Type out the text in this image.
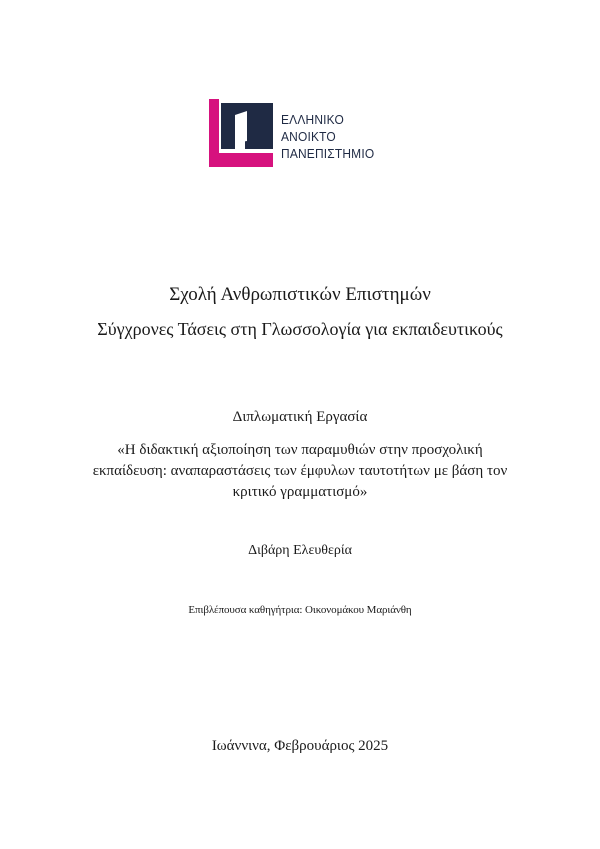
ΕΛΛΗΝΙΚΟ
ΑΝΟΙΚΤΟ
ΠΑΝΕΠΙΣΤΗΜΙΟ
Σχολή Ανθρωπιστικών Επιστημών
Σύγχρονες Τάσεις στη Γλωσσολογία για εκπαιδευτικούς
Διπλωματική Εργασία
«Η διδακτική αξιοποίηση των παραμυθιών στην προσχολική
εκπαίδευση: αναπαραστάσεις των έμφυλων ταυτοτήτων με βάση τον
κριτικό γραμματισμό»
Διβάρη Ελευθερία
Επιβλέπουσα καθηγήτρια: Οικονομάκου Μαριάνθη
Ιωάννινα, Φεβρουάριος 2025
